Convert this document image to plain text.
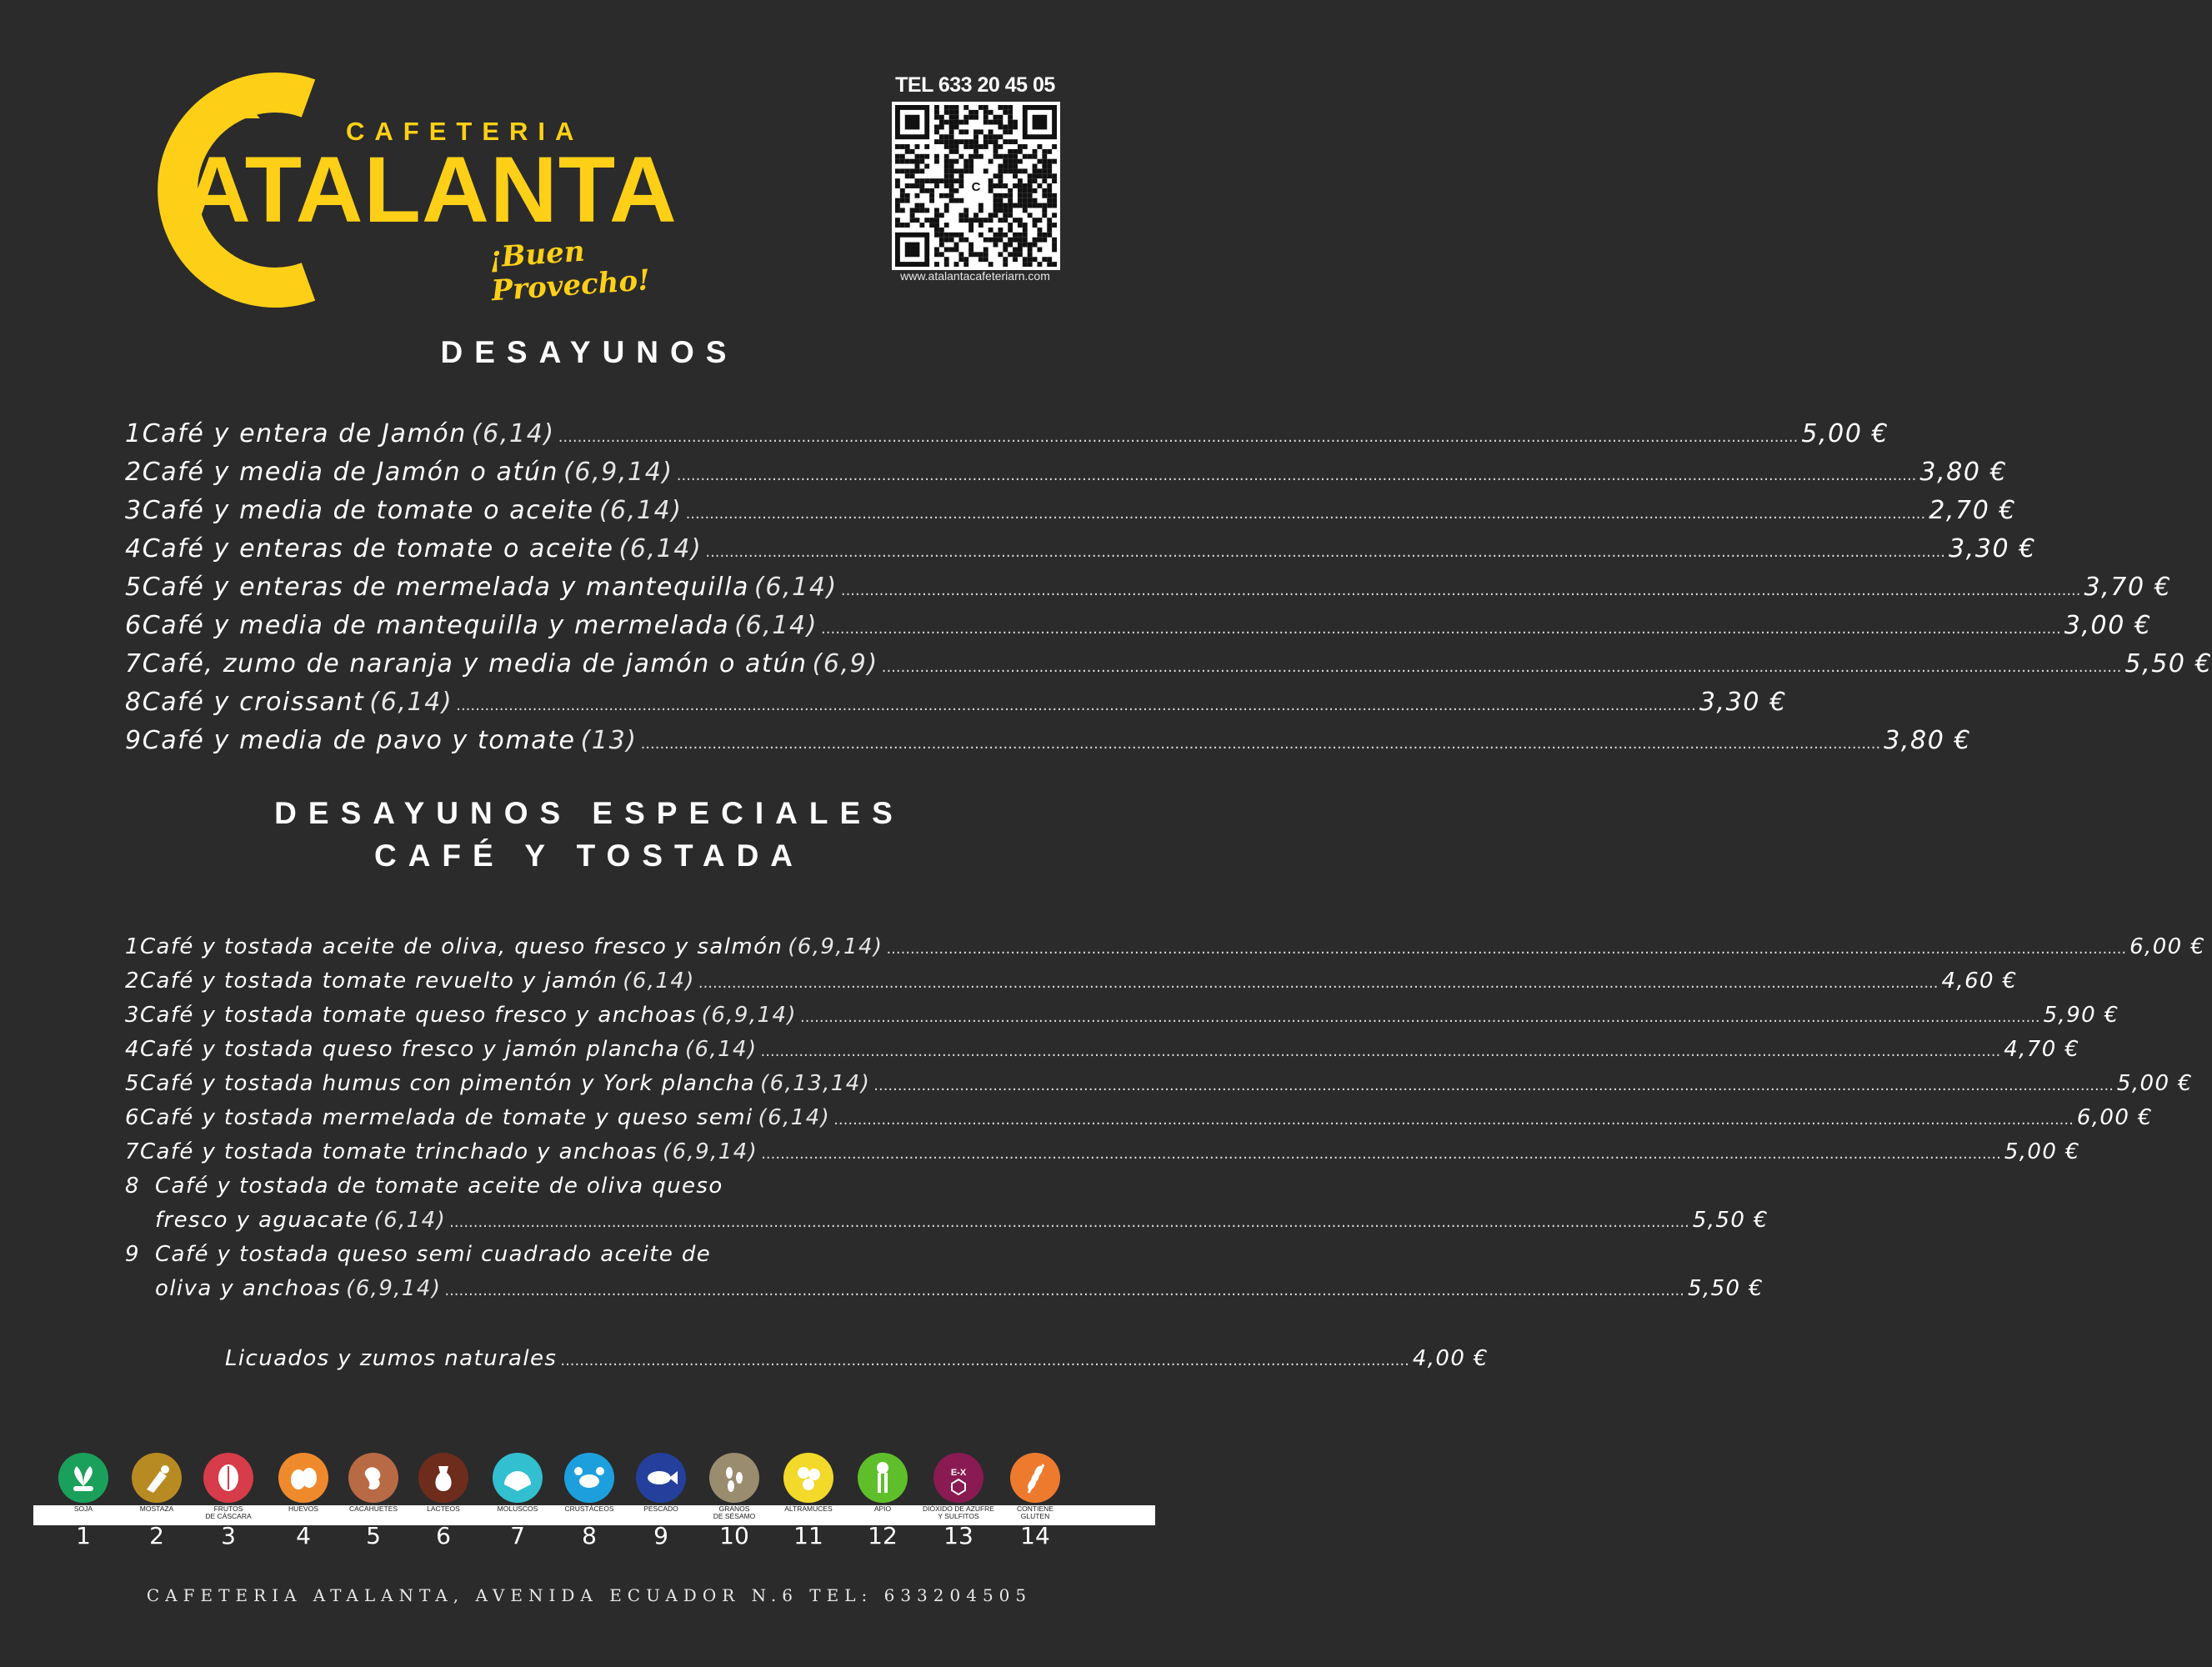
CAFETERIA
ATALANTA
¡Buen Provecho!
TEL 633 20 45 05
C
www.atalantacafeteriarn.com
DESAYUNOS
1 Café y entera de Jamón (6,14) .................................................................................................................................................................................................................................................................... 5,00 €
2 Café y media de Jamón o atún (6,9,14) .................................................................................................................................................................................................................................................................... 3,80 €
3 Café y media de tomate o aceite (6,14) .................................................................................................................................................................................................................................................................... 2,70 €
4 Café y enteras de tomate o aceite (6,14) .................................................................................................................................................................................................................................................................... 3,30 €
5 Café y enteras de mermelada y mantequilla (6,14) .................................................................................................................................................................................................................................................................... 3,70 €
6 Café y media de mantequilla y mermelada (6,14) .................................................................................................................................................................................................................................................................... 3,00 €
7 Café, zumo de naranja y media de jamón o atún (6,9) .................................................................................................................................................................................................................................................................... 5,50 €
8 Café y croissant (6,14) .................................................................................................................................................................................................................................................................... 3,30 €
9 Café y media de pavo y tomate (13) .................................................................................................................................................................................................................................................................... 3,80 €
DESAYUNOS ESPECIALES
CAFÉ Y TOSTADA
1 Café y tostada aceite de oliva, queso fresco y salmón (6,9,14) .................................................................................................................................................................................................................................................................... 6,00 €
2 Café y tostada tomate revuelto y jamón (6,14) .................................................................................................................................................................................................................................................................... 4,60 €
3 Café y tostada tomate queso fresco y anchoas (6,9,14) .................................................................................................................................................................................................................................................................... 5,90 €
4 Café y tostada queso fresco y jamón plancha (6,14) .................................................................................................................................................................................................................................................................... 4,70 €
5 Café y tostada humus con pimentón y York plancha (6,13,14) .................................................................................................................................................................................................................................................................... 5,00 €
6 Café y tostada mermelada de tomate y queso semi (6,14) .................................................................................................................................................................................................................................................................... 6,00 €
7 Café y tostada tomate trinchado y anchoas (6,9,14) .................................................................................................................................................................................................................................................................... 5,00 €
8 Café y tostada de tomate aceite de oliva queso
fresco y aguacate (6,14) .................................................................................................................................................................................................................................................................... 5,50 €
9 Café y tostada queso semi cuadrado aceite de
oliva y anchoas (6,9,14) .................................................................................................................................................................................................................................................................... 5,50 €
Licuados y zumos naturales .................................................................................................................................................................................. 4,00 €
SOJA
1
MOSTAZA
2
FRUTOS
DE CÁSCARA
3
HUEVOS
4
CACAHUETES
5
LACTEOS
6
MOLUSCOS
7
CRUSTÁCEOS
8
PESCADO
9
GRANOS
DE SÉSAMO
10
ALTRAMUCES
11
APIO
12
E-X
DIÓXIDO DE AZUFRE
Y SULFITOS
13
CONTIENE
GLUTEN
14
CAFETERIA ATALANTA, AVENIDA ECUADOR N.6 TEL: 633204505
